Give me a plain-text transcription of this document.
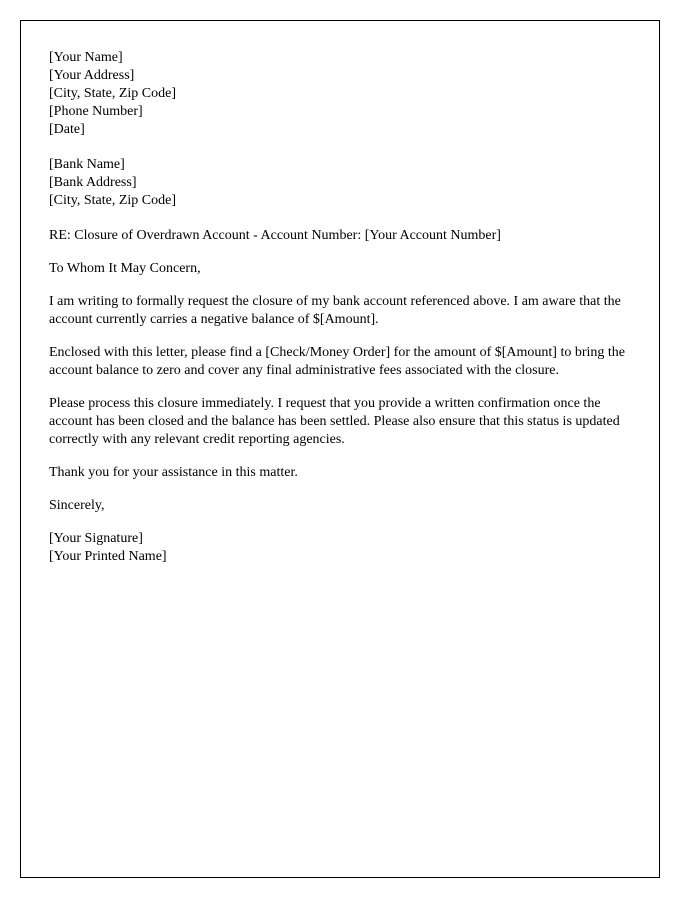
[Your Name]

[Your Address]

[City, State, Zip Code]

[Phone Number]

[Date]

[Bank Name]

[Bank Address]

[City, State, Zip Code]

RE: Closure of Overdrawn Account - Account Number: [Your Account Number]

To Whom It May Concern,

I am writing to formally request the closure of my bank account referenced above. I am aware that the account currently carries a negative balance of $[Amount].

Enclosed with this letter, please find a [Check/Money Order] for the amount of $[Amount] to bring the account balance to zero and cover any final administrative fees associated with the closure.

Please process this closure immediately. I request that you provide a written confirmation once the account has been closed and the balance has been settled. Please also ensure that this status is updated correctly with any relevant credit reporting agencies.

Thank you for your assistance in this matter.

Sincerely,

[Your Signature]

[Your Printed Name]
